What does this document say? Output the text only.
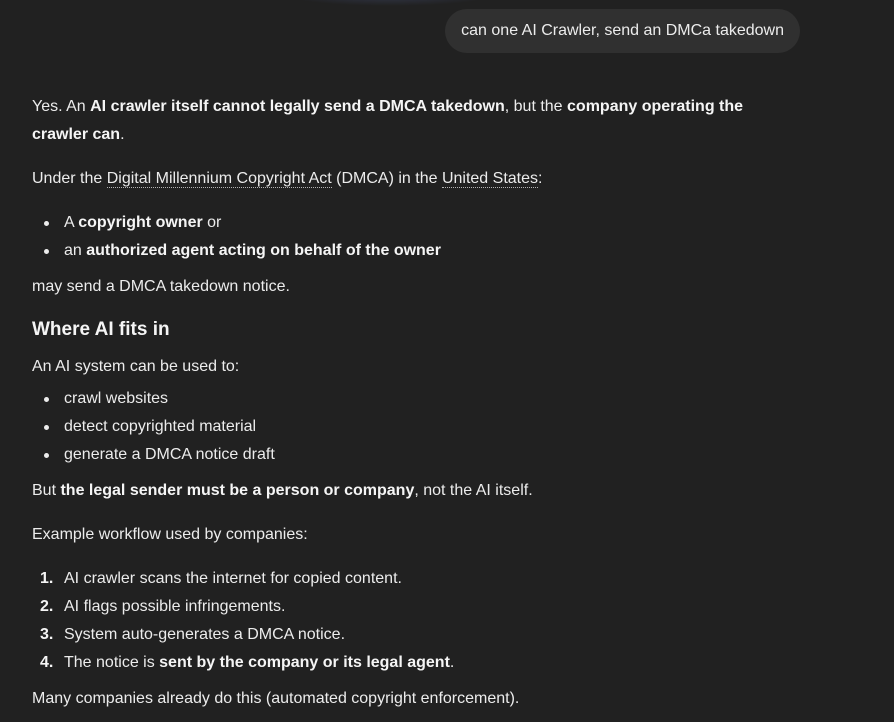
can one AI Crawler, send an DMCa takedown

Yes. An AI crawler itself cannot legally send a DMCA takedown, but the company operating the crawler can.

Under the Digital Millennium Copyright Act (DMCA) in the United States:

A copyright owner or
an authorized agent acting on behalf of the owner

may send a DMCA takedown notice.

Where AI fits in

An AI system can be used to:

crawl websites
detect copyrighted material
generate a DMCA notice draft

But the legal sender must be a person or company, not the AI itself.

Example workflow used by companies:

1. AI crawler scans the internet for copied content.
2. AI flags possible infringements.
3. System auto-generates a DMCA notice.
4. The notice is sent by the company or its legal agent.

Many companies already do this (automated copyright enforcement).
